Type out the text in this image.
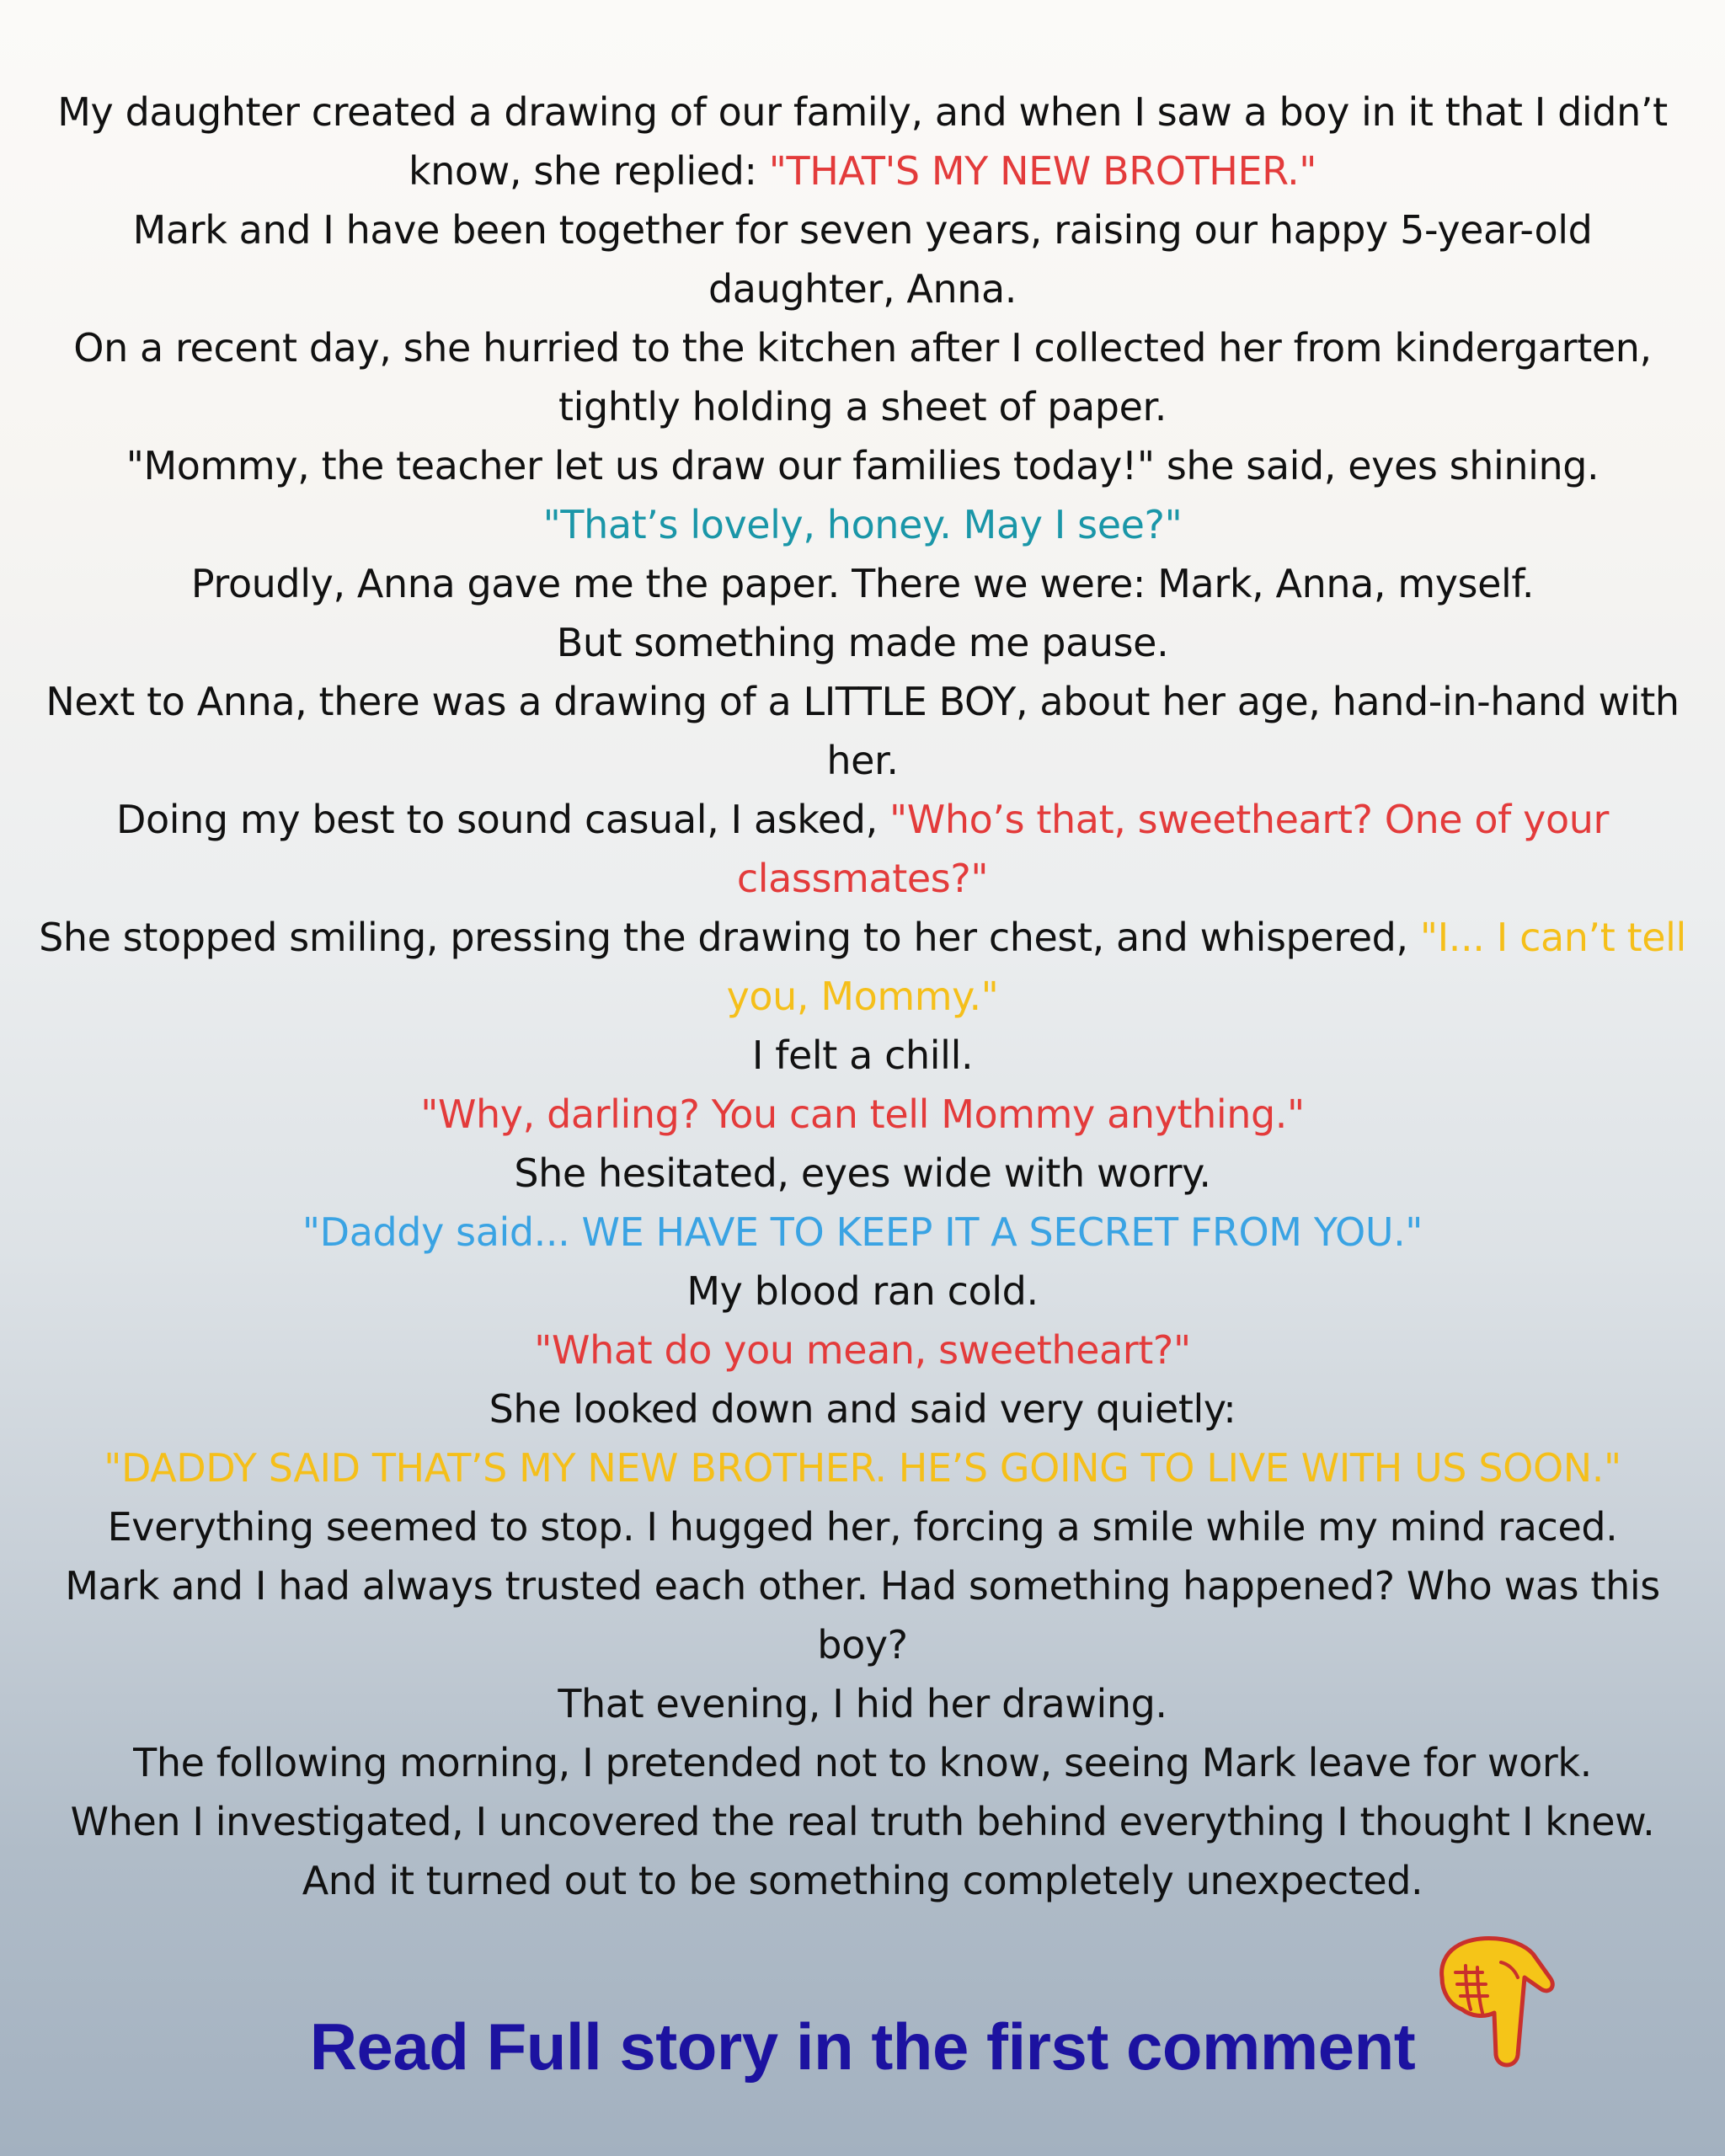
My daughter created a drawing of our family, and when I saw a boy in it that I didn’t know, she replied: "THAT'S MY NEW BROTHER."

Mark and I have been together for seven years, raising our happy 5-year-old daughter, Anna.

On a recent day, she hurried to the kitchen after I collected her from kindergarten, tightly holding a sheet of paper.

"Mommy, the teacher let us draw our families today!" she said, eyes shining.

"That’s lovely, honey. May I see?"

Proudly, Anna gave me the paper. There we were: Mark, Anna, myself.

But something made me pause.

Next to Anna, there was a drawing of a LITTLE BOY, about her age, hand-in-hand with her.

Doing my best to sound casual, I asked, "Who’s that, sweetheart? One of your classmates?"

She stopped smiling, pressing the drawing to her chest, and whispered, "I... I can’t tell you, Mommy."

I felt a chill.

"Why, darling? You can tell Mommy anything."

She hesitated, eyes wide with worry.

"Daddy said... WE HAVE TO KEEP IT A SECRET FROM YOU."

My blood ran cold.

"What do you mean, sweetheart?"

She looked down and said very quietly:

"DADDY SAID THAT’S MY NEW BROTHER. HE’S GOING TO LIVE WITH US SOON."

Everything seemed to stop. I hugged her, forcing a smile while my mind raced.

Mark and I had always trusted each other. Had something happened? Who was this boy?

That evening, I hid her drawing.

The following morning, I pretended not to know, seeing Mark leave for work.

When I investigated, I uncovered the real truth behind everything I thought I knew.

And it turned out to be something completely unexpected.

Read Full story in the first comment
